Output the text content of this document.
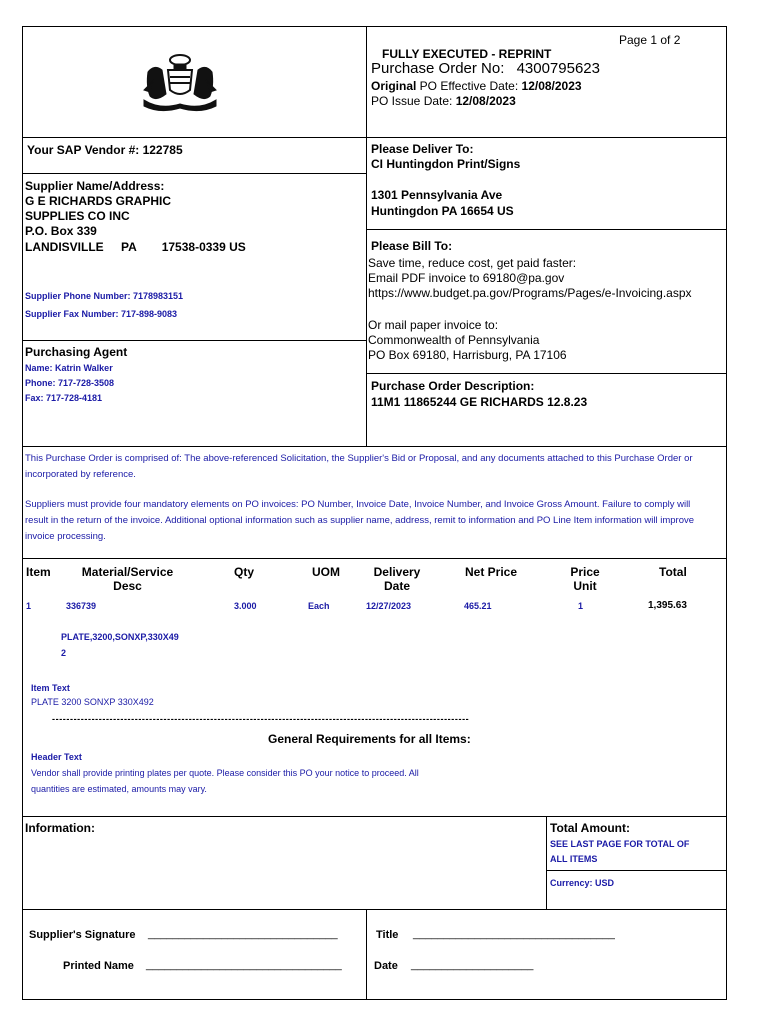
Page 1 of 2
FULLY EXECUTED - REPRINT
Purchase Order No: 4300795623
Original PO Effective Date: 12/08/2023
PO Issue Date: 12/08/2023
Your SAP Vendor #: 122785
Supplier Name/Address:
G E RICHARDS GRAPHIC
SUPPLIES CO INC
P.O. Box 339
LANDISVILLE PA 17538-0339 US
Supplier Phone Number: 7178983151
Supplier Fax Number: 717-898-9083
Purchasing Agent
Name: Katrin Walker
Phone: 717-728-3508
Fax: 717-728-4181
Please Deliver To:
CI Huntingdon Print/Signs
1301 Pennsylvania Ave
Huntingdon PA 16654 US
Please Bill To:
Save time, reduce cost, get paid faster:
Email PDF invoice to 69180@pa.gov
https://www.budget.pa.gov/Programs/Pages/e-Invoicing.aspx
Or mail paper invoice to:
Commonwealth of Pennsylvania
PO Box 69180, Harrisburg, PA 17106
Purchase Order Description:
11M1 11865244 GE RICHARDS 12.8.23
This Purchase Order is comprised of: The above-referenced Solicitation, the Supplier's Bid or Proposal, and any documents attached to this Purchase Order or incorporated by reference.
Suppliers must provide four mandatory elements on PO invoices: PO Number, Invoice Date, Invoice Number, and Invoice Gross Amount. Failure to comply will result in the return of the invoice. Additional optional information such as supplier name, address, remit to information and PO Line Item information will improve invoice processing.
Item	Material/Service
Desc
Qty	UOM	Delivery
Date
Net Price	Price
Unit
Total
1	336739	3.000	Each	12/27/2023	465.21	1	1,395.63
PLATE,3200,SONXP,330X49
2
Item Text
PLATE 3200 SONXP 330X492
--------------------------------------------------------------------------------------------------------------------
General Requirements for all Items:
Header Text
Vendor shall provide printing plates per quote. Please consider this PO your notice to proceed. All
quantities are estimated, amounts may vary.
Information:	Total Amount:
SEE LAST PAGE FOR TOTAL OF
ALL ITEMS
Currency: USD
Supplier's Signature _______________________________
Printed Name ________________________________
Title _________________________________
Date ____________________
